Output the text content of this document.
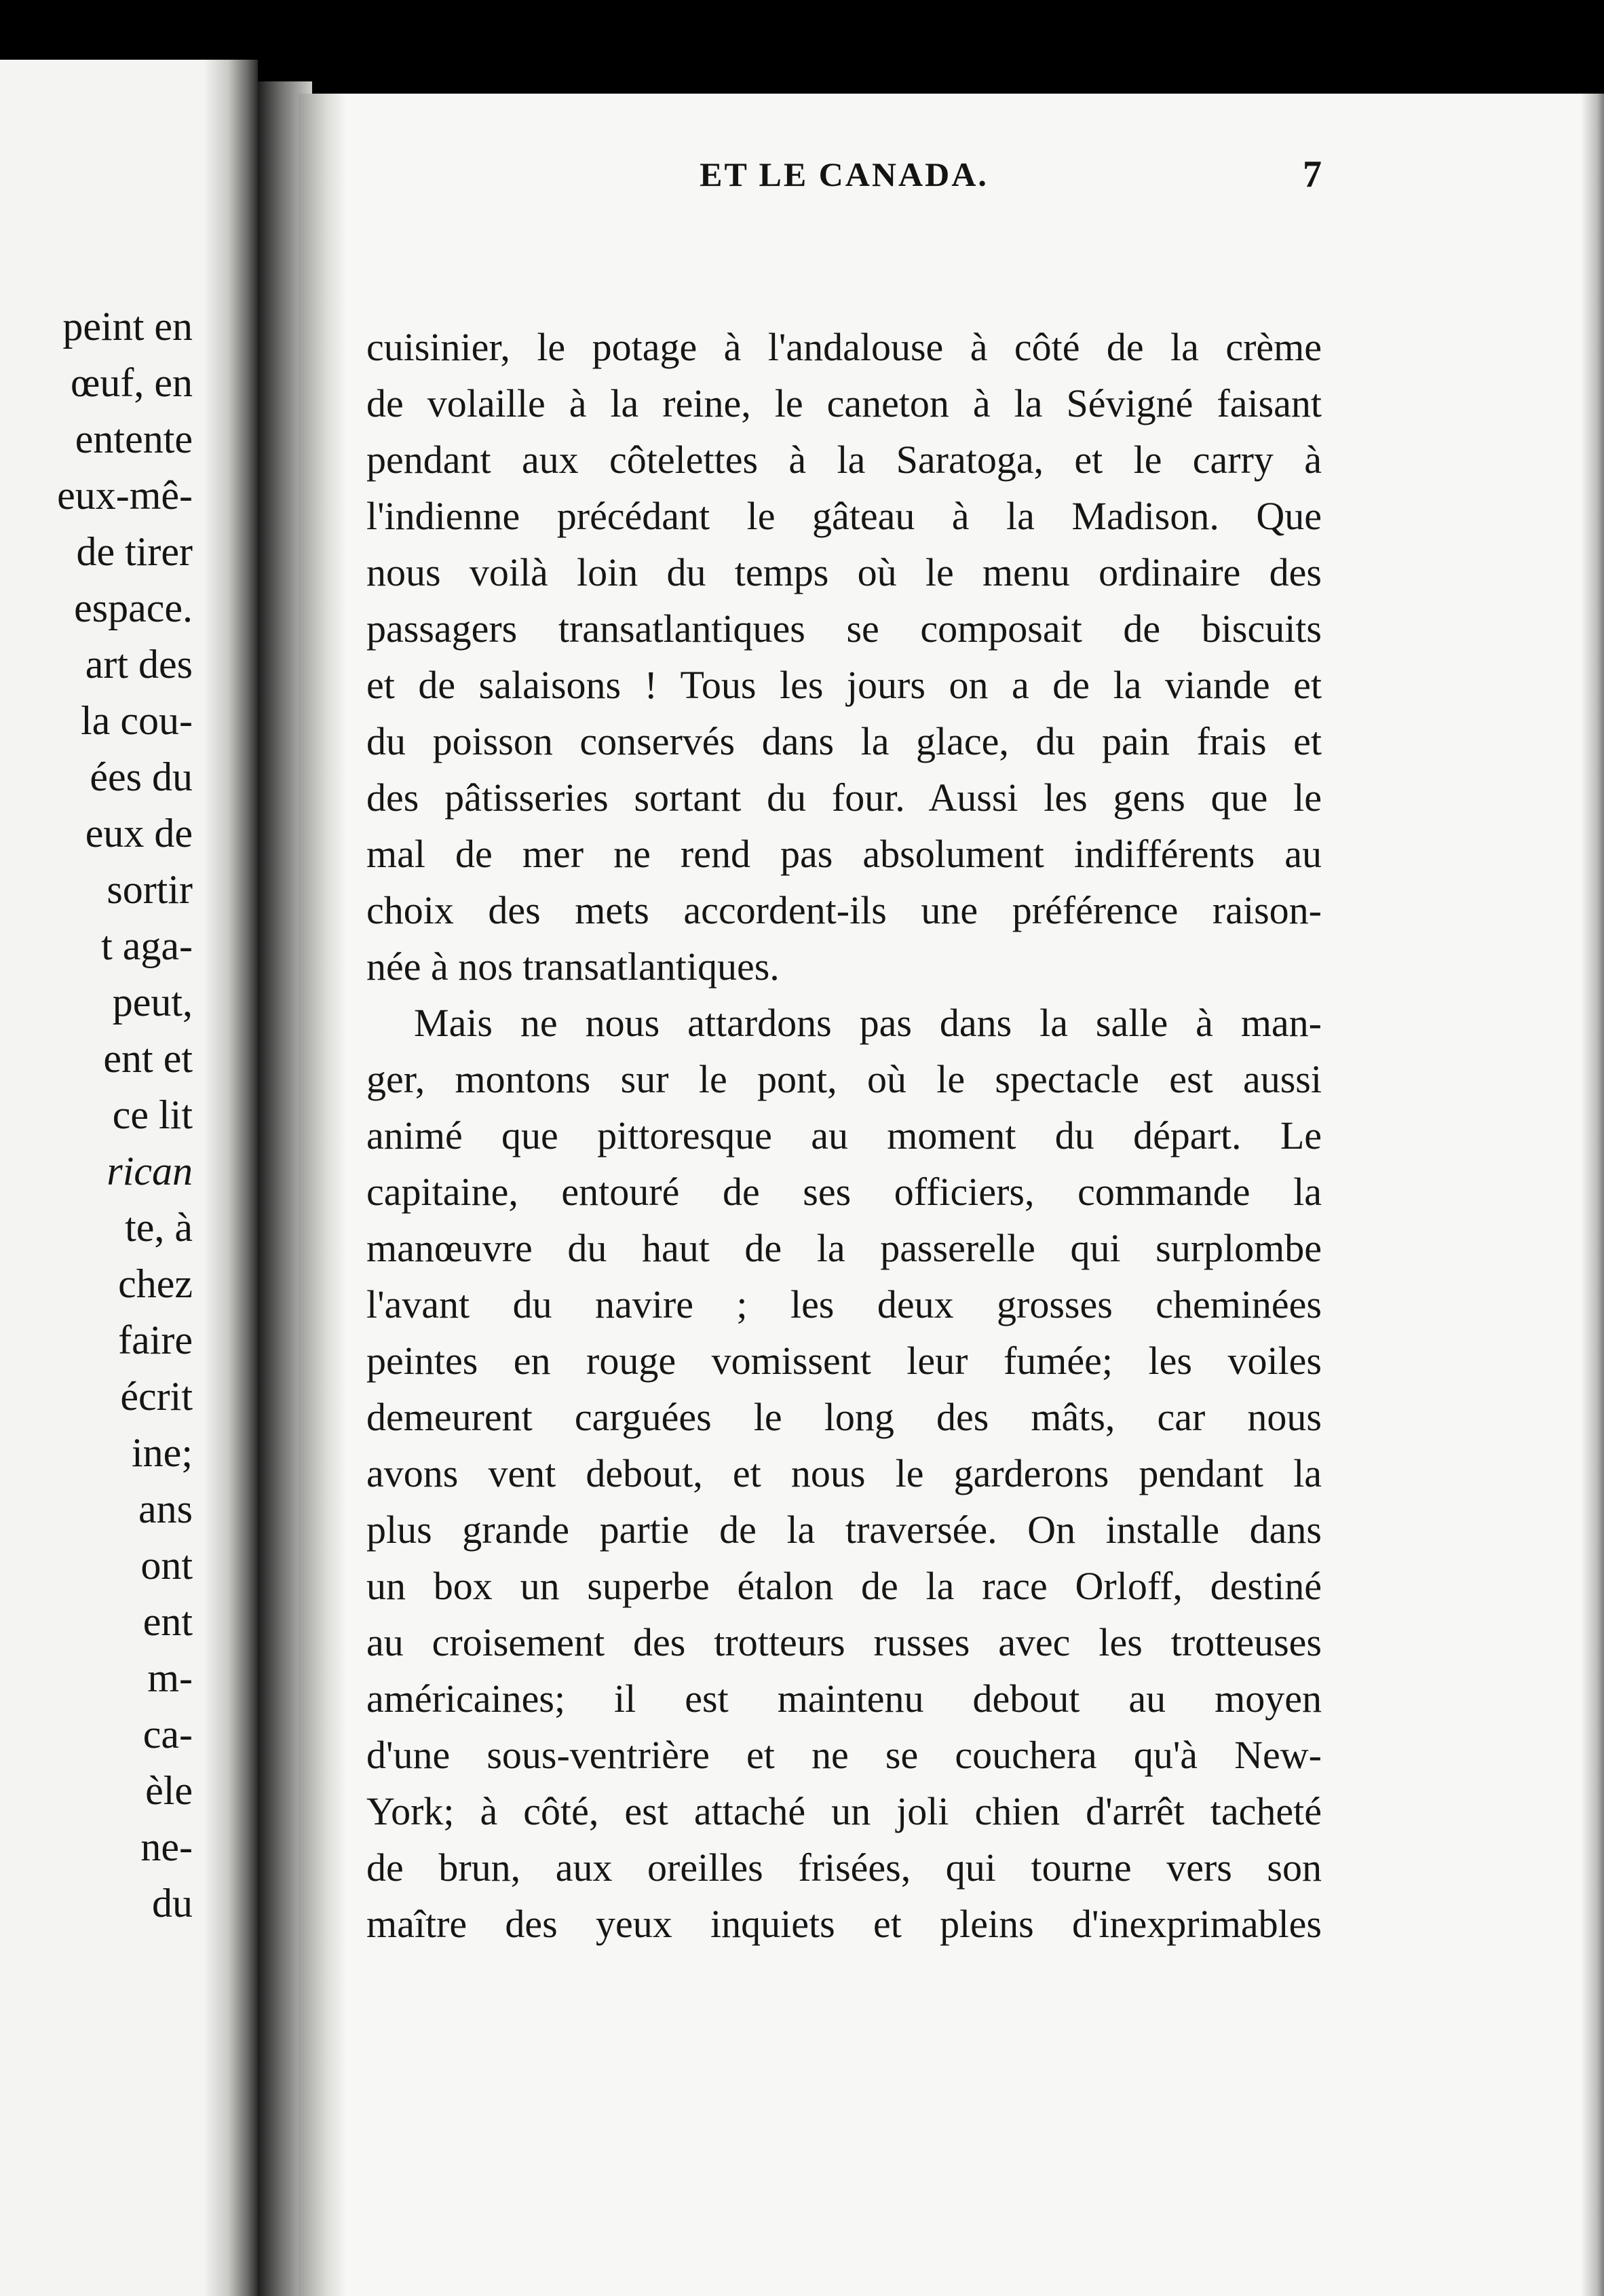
peint en
œuf, en
entente
eux-mê-
de tirer
espace.
art des
la cou-
ées du
eux de
sortir
t aga-
peut,
ent et
ce lit
rican
te, à
chez
faire
écrit
ine;
ans
ont
ent
m-
ca-
èle
ne-
du
ET LE CANADA.	7
cuisinier, le potage à l'andalouse à côté de la crème
de volaille à la reine, le caneton à la Sévigné faisant
pendant aux côtelettes à la Saratoga, et le carry à
l'indienne précédant le gâteau à la Madison. Que
nous voilà loin du temps où le menu ordinaire des
passagers transatlantiques se composait de biscuits
et de salaisons ! Tous les jours on a de la viande et
du poisson conservés dans la glace, du pain frais et
des pâtisseries sortant du four. Aussi les gens que le
mal de mer ne rend pas absolument indifférents au
choix des mets accordent-ils une préférence raison-
née à nos transatlantiques.
Mais ne nous attardons pas dans la salle à man-
ger, montons sur le pont, où le spectacle est aussi
animé que pittoresque au moment du départ. Le
capitaine, entouré de ses officiers, commande la
manœuvre du haut de la passerelle qui surplombe
l'avant du navire ; les deux grosses cheminées
peintes en rouge vomissent leur fumée; les voiles
demeurent carguées le long des mâts, car nous
avons vent debout, et nous le garderons pendant la
plus grande partie de la traversée. On installe dans
un box un superbe étalon de la race Orloff, destiné
au croisement des trotteurs russes avec les trotteuses
américaines; il est maintenu debout au moyen
d'une sous-ventrière et ne se couchera qu'à New-
York; à côté, est attaché un joli chien d'arrêt tacheté
de brun, aux oreilles frisées, qui tourne vers son
maître des yeux inquiets et pleins d'inexprimables
